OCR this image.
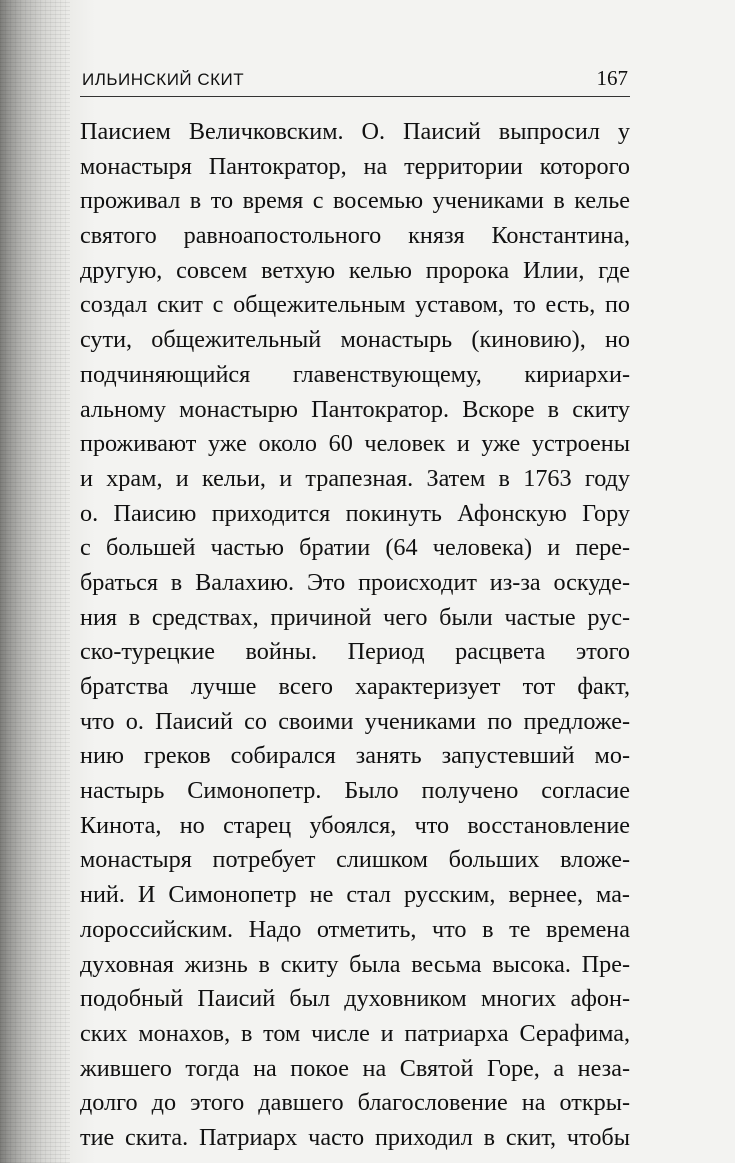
ИЛЬИНСКИЙ СКИТ	167
Паисием Величковским. О. Паисий выпросил у
монастыря Пантократор, на территории которого
проживал в то время с восемью учениками в келье
святого равноапостольного князя Константина,
другую, совсем ветхую келью пророка Илии, где
создал скит с общежительным уставом, то есть, по
сути, общежительный монастырь (киновию), но
подчиняющийся главенствующему, кириархи-
альному монастырю Пантократор. Вскоре в скиту
проживают уже около 60 человек и уже устроены
и храм, и кельи, и трапезная. Затем в 1763 году
о. Паисию приходится покинуть Афонскую Гору
с большей частью братии (64 человека) и пере-
браться в Валахию. Это происходит из-за оскуде-
ния в средствах, причиной чего были частые рус-
ско-турецкие войны. Период расцвета этого
братства лучше всего характеризует тот факт,
что о. Паисий со своими учениками по предложе-
нию греков собирался занять запустевший мо-
настырь Симонопетр. Было получено согласие
Кинота, но старец убоялся, что восстановление
монастыря потребует слишком больших вложе-
ний. И Симонопетр не стал русским, вернее, ма-
лороссийским. Надо отметить, что в те времена
духовная жизнь в скиту была весьма высока. Пре-
подобный Паисий был духовником многих афон-
ских монахов, в том числе и патриарха Серафима,
жившего тогда на покое на Святой Горе, а неза-
долго до этого давшего благословение на откры-
тие скита. Патриарх часто приходил в скит, чтобы
